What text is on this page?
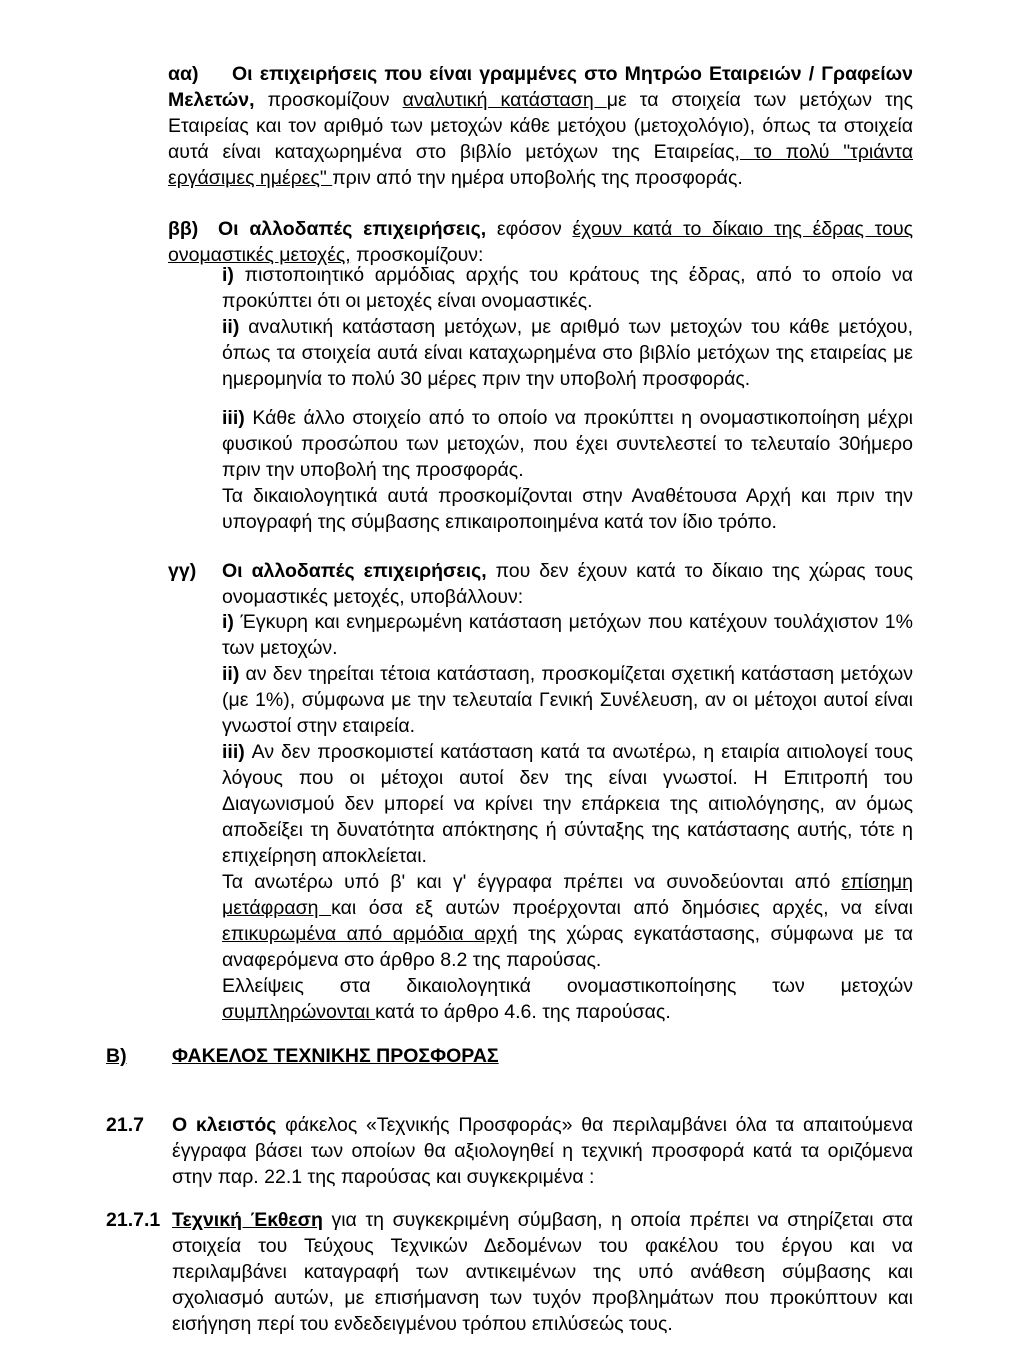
αα)	Οι επιχειρήσεις που είναι γραμμένες στο Μητρώο Εταιρειών / Γραφείων Μελετών, προσκομίζουν αναλυτική κατάσταση με τα στοιχεία των μετόχων της Εταιρείας και τον αριθμό των μετοχών κάθε μετόχου (μετοχολόγιο), όπως τα στοιχεία αυτά είναι καταχωρημένα στο βιβλίο μετόχων της Εταιρείας, το πολύ "τριάντα εργάσιμες ημέρες" πριν από την ημέρα υποβολής της προσφοράς.

ββ)	Οι αλλοδαπές επιχειρήσεις, εφόσον έχουν κατά το δίκαιο της έδρας τους ονομαστικές μετοχές, προσκομίζουν:

i) πιστοποιητικό αρμόδιας αρχής του κράτους της έδρας, από το οποίο να προκύπτει ότι οι μετοχές είναι ονομαστικές.

ii) αναλυτική κατάσταση μετόχων, με αριθμό των μετοχών του κάθε μετόχου, όπως τα στοιχεία αυτά είναι καταχωρημένα στο βιβλίο μετόχων της εταιρείας με ημερομηνία το πολύ 30 μέρες πριν την υποβολή προσφοράς.

iii) Κάθε άλλο στοιχείο από το οποίο να προκύπτει η ονομαστικοποίηση μέχρι φυσικού προσώπου των μετοχών, που έχει συντελεστεί το τελευταίο 30ήμερο πριν την υποβολή της προσφοράς.

Τα δικαιολογητικά αυτά προσκομίζονται στην Αναθέτουσα Αρχή και πριν την υπογραφή της σύμβασης επικαιροποιημένα κατά τον ίδιο τρόπο.

γγ) Οι αλλοδαπές επιχειρήσεις, που δεν έχουν κατά το δίκαιο της χώρας τους ονομαστικές μετοχές, υποβάλλουν:

i) Έγκυρη και ενημερωμένη κατάσταση μετόχων που κατέχουν τουλάχιστον 1% των μετοχών.

ii) αν δεν τηρείται τέτοια κατάσταση, προσκομίζεται σχετική κατάσταση μετόχων (με 1%), σύμφωνα με την τελευταία Γενική Συνέλευση, αν οι μέτοχοι αυτοί είναι γνωστοί στην εταιρεία.

iii) Αν δεν προσκομιστεί κατάσταση κατά τα ανωτέρω, η εταιρία αιτιολογεί τους λόγους που οι μέτοχοι αυτοί δεν της είναι γνωστοί. Η Επιτροπή του Διαγωνισμού δεν μπορεί να κρίνει την επάρκεια της αιτιολόγησης, αν όμως αποδείξει τη δυνατότητα απόκτησης ή σύνταξης της κατάστασης αυτής, τότε η επιχείρηση αποκλείεται.

Τα ανωτέρω υπό β' και γ' έγγραφα πρέπει να συνοδεύονται από επίσημη μετάφραση και όσα εξ αυτών προέρχονται από δημόσιες αρχές, να είναι επικυρωμένα από αρμόδια αρχή της χώρας εγκατάστασης, σύμφωνα με τα αναφερόμενα στο άρθρο 8.2 της παρούσας.

Ελλείψεις στα δικαιολογητικά ονομαστικοποίησης των μετοχών συμπληρώνονται κατά το άρθρο 4.6. της παρούσας.

Β) ΦΑΚΕΛΟΣ ΤΕΧΝΙΚΗΣ ΠΡΟΣΦΟΡΑΣ

21.7 Ο κλειστός φάκελος «Τεχνικής Προσφοράς» θα περιλαμβάνει όλα τα απαιτούμενα έγγραφα βάσει των οποίων θα αξιολογηθεί η τεχνική προσφορά κατά τα οριζόμενα στην παρ. 22.1 της παρούσας και συγκεκριμένα :

21.7.1 Τεχνική Έκθεση για τη συγκεκριμένη σύμβαση, η οποία πρέπει να στηρίζεται στα στοιχεία του Τεύχους Τεχνικών Δεδομένων του φακέλου του έργου και να περιλαμβάνει καταγραφή των αντικειμένων της υπό ανάθεση σύμβασης και σχολιασμό αυτών, με επισήμανση των τυχόν προβλημάτων που προκύπτουν και εισήγηση περί του ενδεδειγμένου τρόπου επιλύσεώς τους.
